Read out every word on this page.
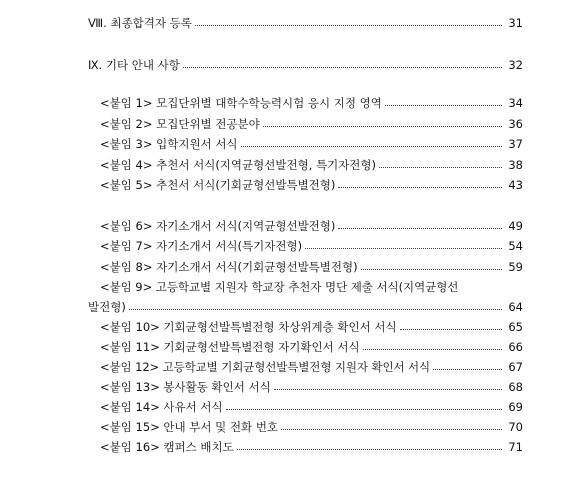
Ⅷ. 최종합격자 등록	31
Ⅸ. 기타 안내 사항	32
<붙임 1> 모집단위별 대학수학능력시험 응시 지정 영역	34
<붙임 2> 모집단위별 전공분야	36
<붙임 3> 입학지원서 서식	37
<붙임 4> 추천서 서식(지역균형선발전형, 특기자전형)	38
<붙임 5> 추천서 서식(기회균형선발특별전형)	43
<붙임 6> 자기소개서 서식(지역균형선발전형)	49
<붙임 7> 자기소개서 서식(특기자전형)	54
<붙임 8> 자기소개서 서식(기회균형선발특별전형)	59
<붙임 9> 고등학교별 지원자 학교장 추천자 명단 제출 서식(지역균형선
발전형)	64
<붙임 10> 기회균형선발특별전형 차상위계층 확인서 서식	65
<붙임 11> 기회균형선발특별전형 자기확인서 서식	66
<붙임 12> 고등학교별 기회균형선발특별전형 지원자 확인서 서식	67
<붙임 13> 봉사활동 확인서 서식	68
<붙임 14> 사유서 서식	69
<붙임 15> 안내 부서 및 전화 번호	70
<붙임 16> 캠퍼스 배치도	71
